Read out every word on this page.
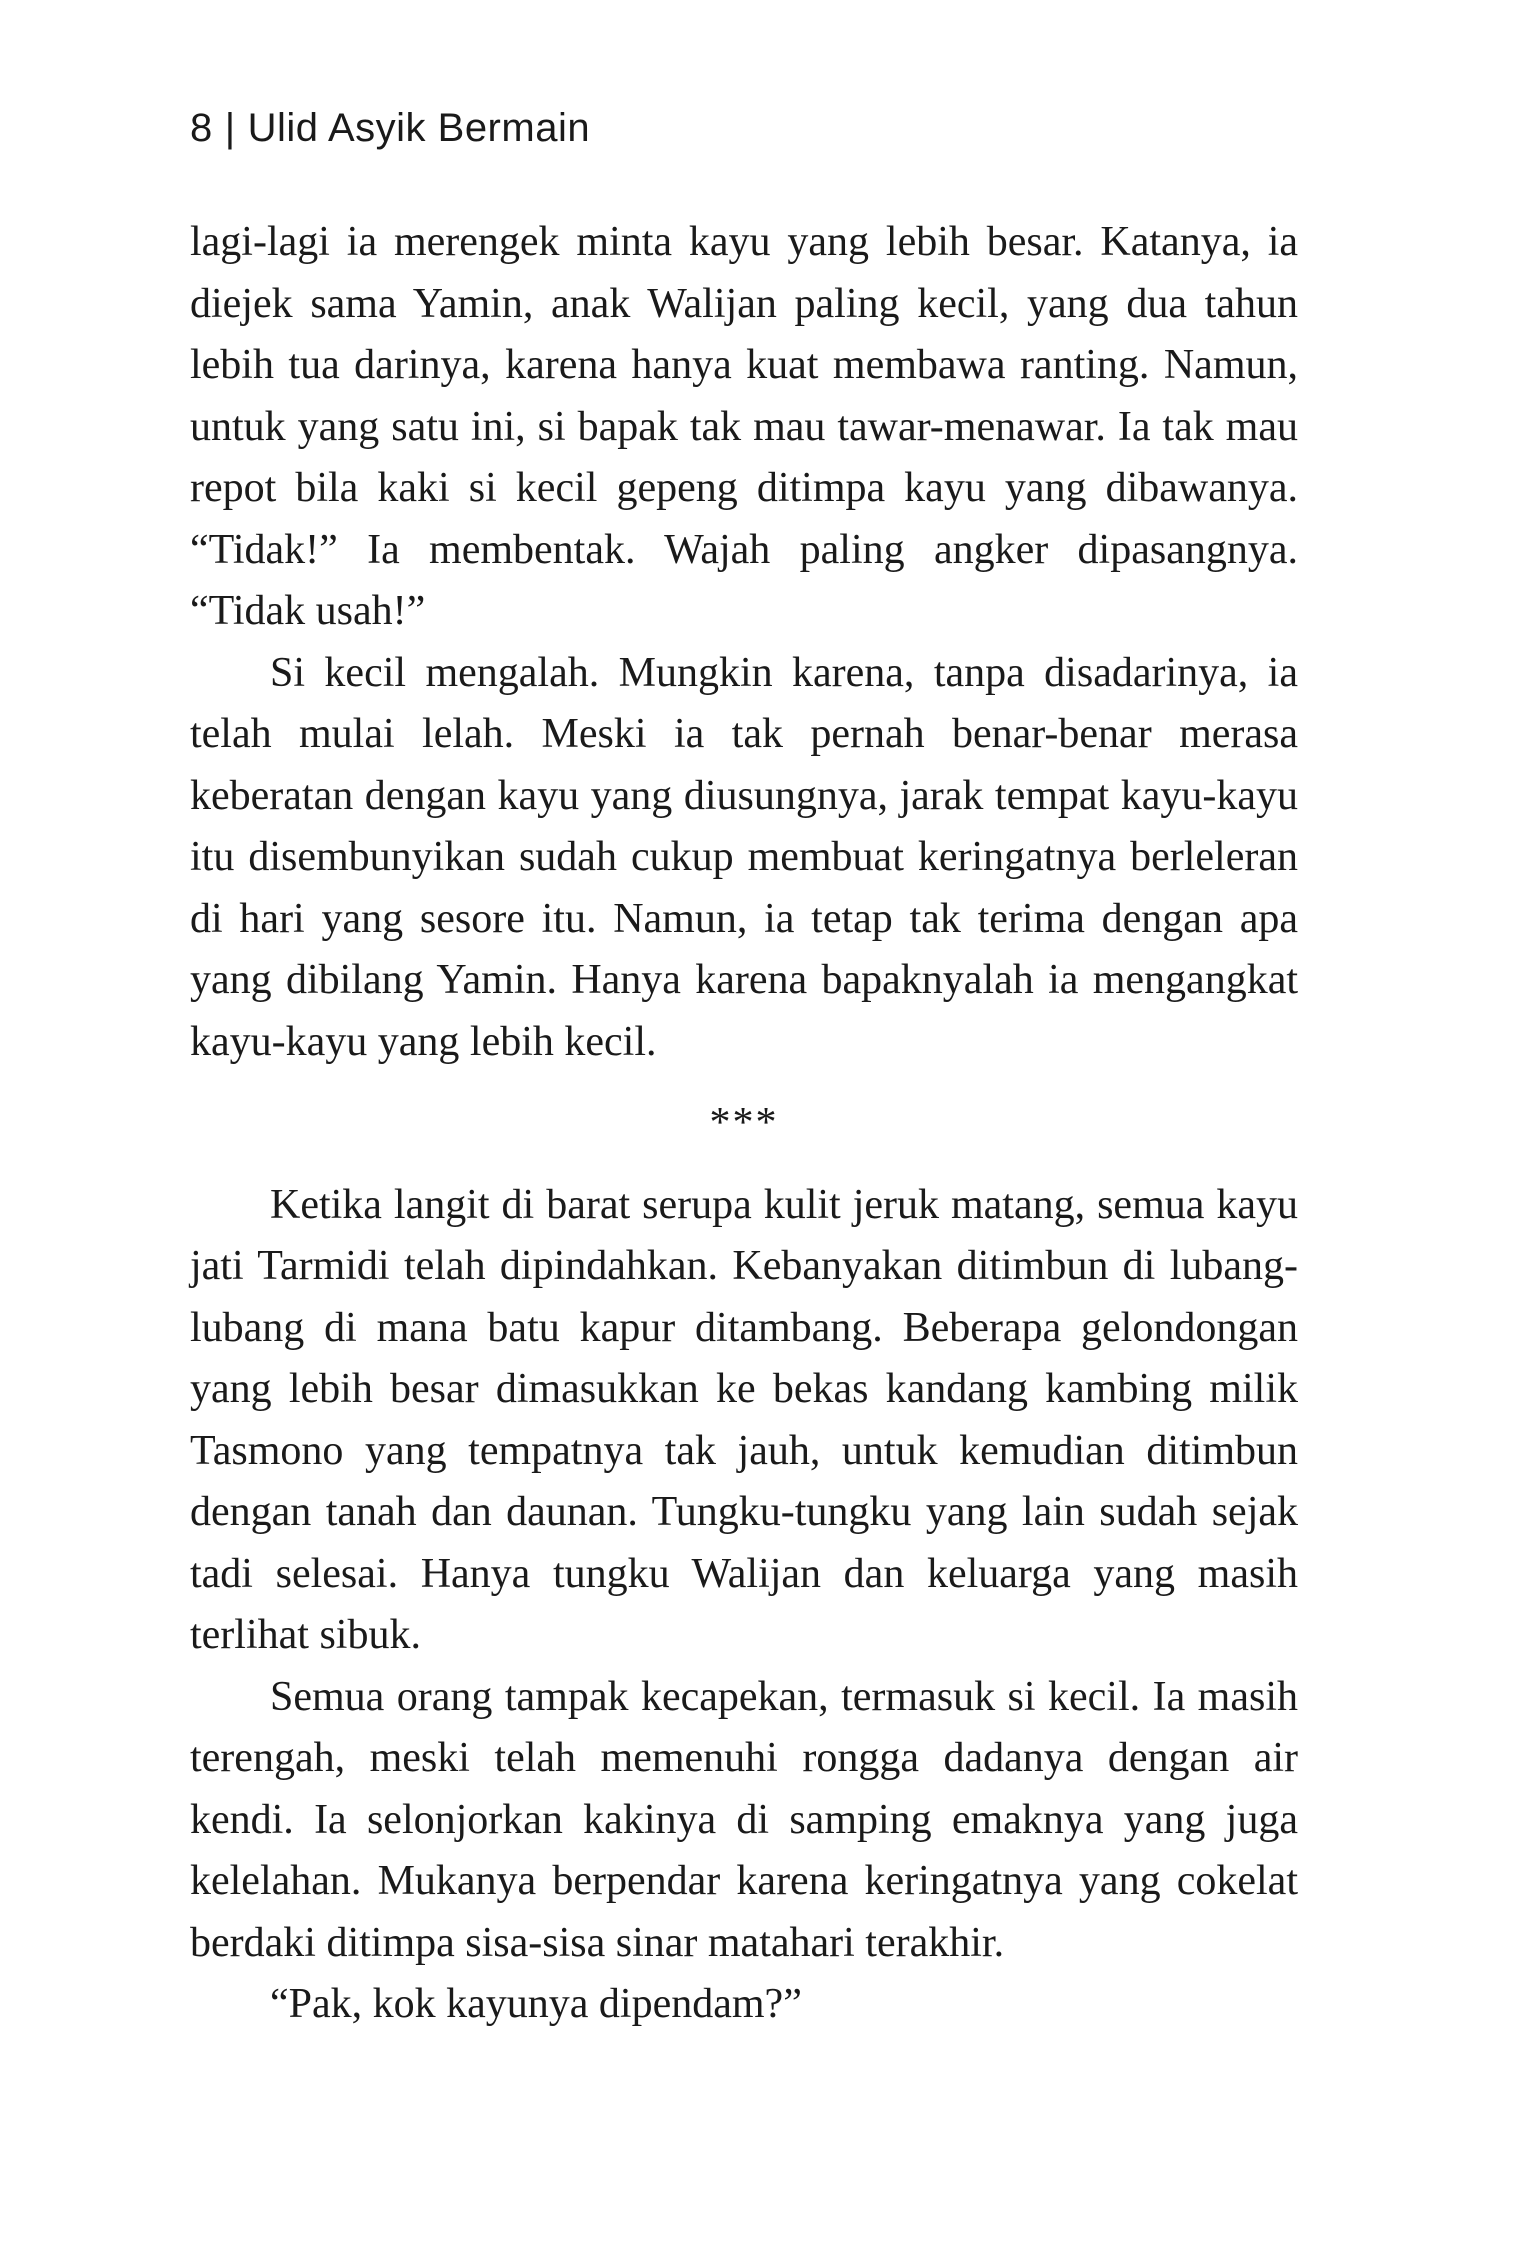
8 | Ulid Asyik Bermain

lagi-lagi ia merengek minta kayu yang lebih besar. Katanya, ia diejek sama Yamin, anak Walijan paling kecil, yang dua tahun lebih tua darinya, karena hanya kuat membawa ranting. Namun, untuk yang satu ini, si bapak tak mau tawar-menawar. Ia tak mau repot bila kaki si kecil gepeng ditimpa kayu yang dibawanya. “Tidak!” Ia membentak. Wajah paling angker dipasangnya. “Tidak usah!”

Si kecil mengalah. Mungkin karena, tanpa disadarinya, ia telah mulai lelah. Meski ia tak pernah benar-benar merasa keberatan dengan kayu yang diusungnya, jarak tempat kayu-kayu itu disembunyikan sudah cukup membuat keringatnya berleleran di hari yang sesore itu. Namun, ia tetap tak terima dengan apa yang dibilang Yamin. Hanya karena bapaknyalah ia mengangkat kayu-kayu yang lebih kecil.

***

Ketika langit di barat serupa kulit jeruk matang, semua kayu jati Tarmidi telah dipindahkan. Kebanyakan ditimbun di lubang-lubang di mana batu kapur ditambang. Beberapa gelondongan yang lebih besar dimasukkan ke bekas kandang kambing milik Tasmono yang tempatnya tak jauh, untuk kemudian ditimbun dengan tanah dan daunan. Tungku-tungku yang lain sudah sejak tadi selesai. Hanya tungku Walijan dan keluarga yang masih terlihat sibuk.

Semua orang tampak kecapekan, termasuk si kecil. Ia masih terengah, meski telah memenuhi rongga dadanya dengan air kendi. Ia selonjorkan kakinya di samping emaknya yang juga kelelahan. Mukanya berpendar karena keringatnya yang cokelat berdaki ditimpa sisa-sisa sinar matahari terakhir.

“Pak, kok kayunya dipendam?”
